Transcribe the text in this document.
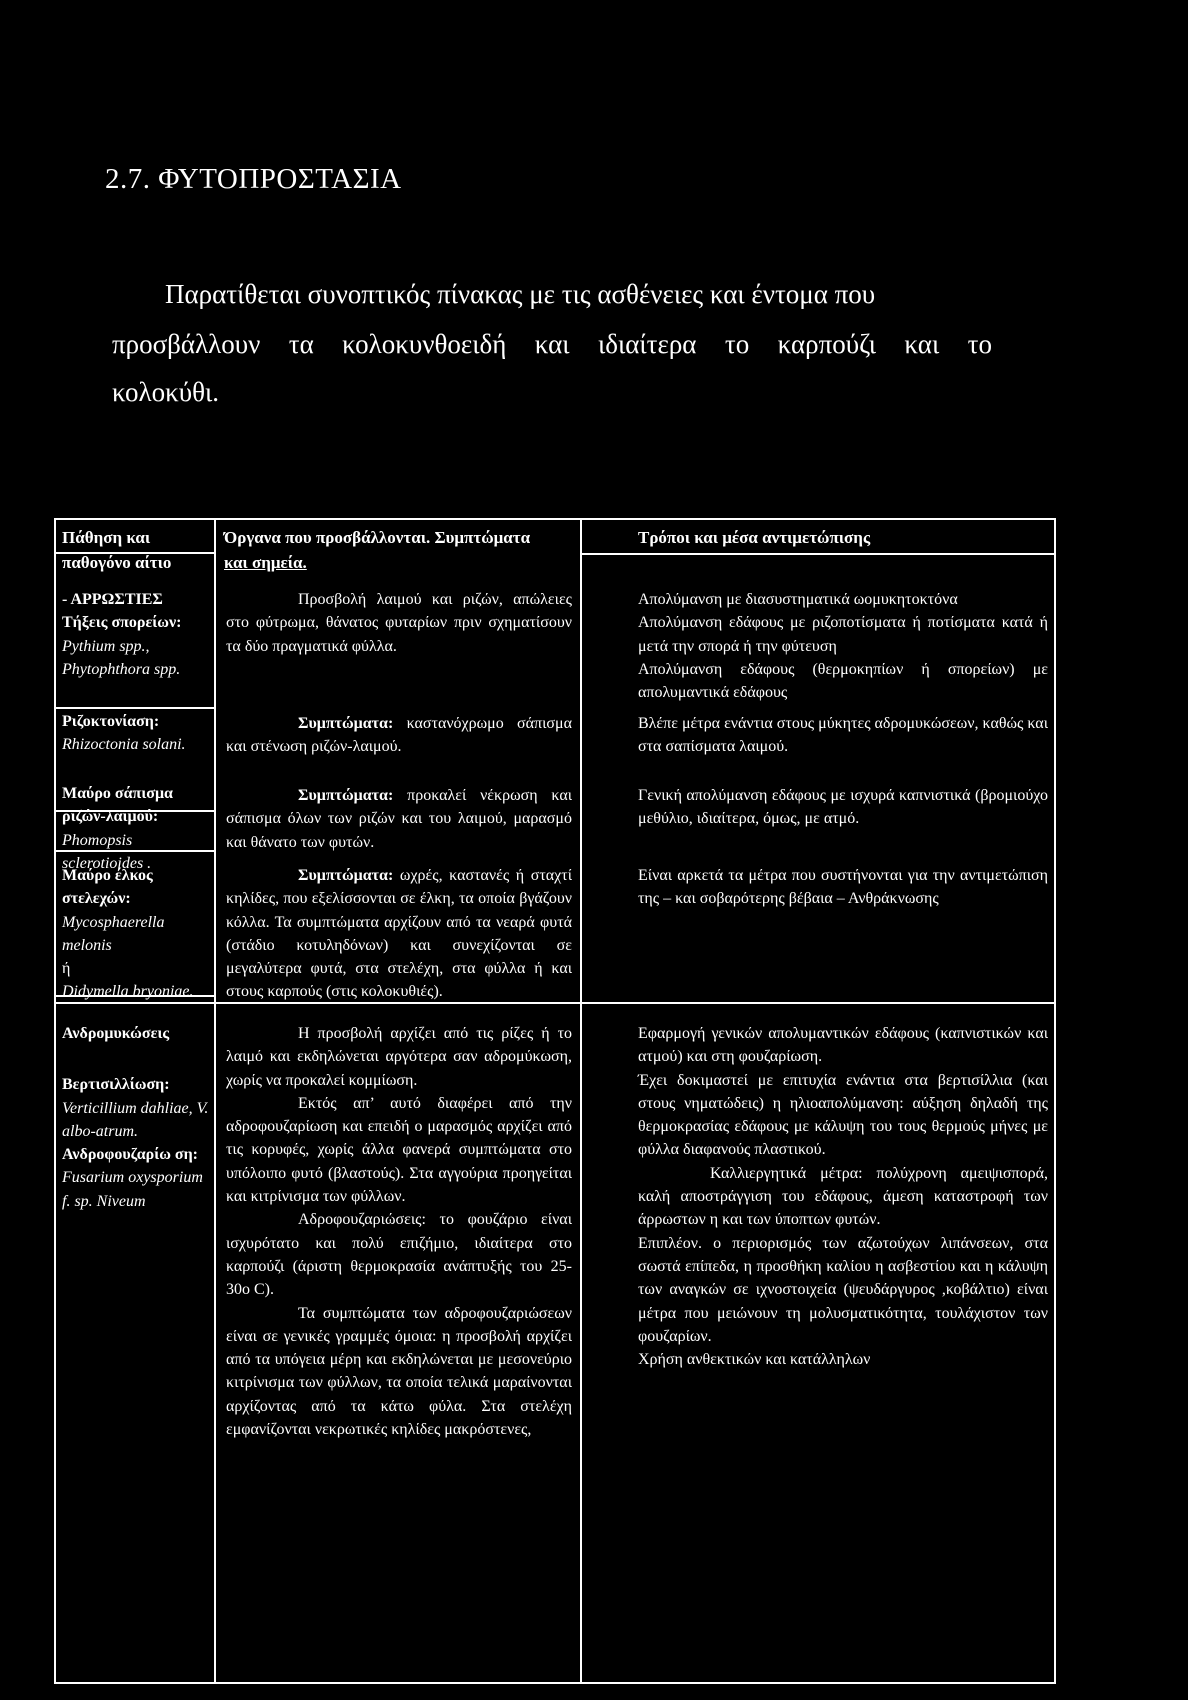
2.7. ΦΥΤΟΠΡΟΣΤΑΣΙΑ

Παρατίθεται συνοπτικός πίνακας με τις ασθένειες και έντομα που

προσβάλλουν τα κολοκυνθοειδή και ιδιαίτερα το καρπούζι και το

κολοκύθι.

Πάθηση και
παθογόνο αίτιο
Όργανα που προσβάλλονται. Συμπτώματα
και σημεία.
Τρόποι και μέσα αντιμετώπισης
- ΑΡΡΩΣΤΙΕΣ
Τήξεις σπορείων:
Pythium spp.,
Phytophthora spp.

Προσβολή λαιμού και ριζών, απώλειες στο φύτρωμα, θάνατος φυταρίων πριν σχηματίσουν τα δύο πραγματικά φύλλα.

Απολύμανση με διασυστηματικά ωομυκητοκτόνα

Απολύμανση εδάφους με ριζοποτίσματα ή ποτίσματα κατά ή μετά την σπορά ή την φύτευση

Απολύμανση εδάφους (θερμοκηπίων ή σπορείων) με απολυμαντικά εδάφους

Ριζοκτονίαση:
Rhizoctonia solani.

Συμπτώματα: καστανόχρωμο σάπισμα και στένωση ριζών-λαιμού.

Βλέπε μέτρα ενάντια στους μύκητες αδρομυκώσεων, καθώς και στα σαπίσματα λαιμού.

Μαύρο σάπισμα ριζών-λαιμού:
Phomopsis sclerotioides .

Συμπτώματα: προκαλεί νέκρωση και σάπισμα όλων των ριζών και του λαιμού, μαρασμό και θάνατο των φυτών.

Γενική απολύμανση εδάφους με ισχυρά καπνιστικά (βρομιούχο μεθύλιο, ιδιαίτερα, όμως, με ατμό.

Μαύρο έλκος στελεχών:
Mycosphaerella melonis
ή
Didymella bryoniae.

Συμπτώματα: ωχρές, καστανές ή σταχτί κηλίδες, που εξελίσσονται σε έλκη, τα οποία βγάζουν κόλλα. Τα συμπτώματα αρχίζουν από τα νεαρά φυτά (στάδιο κοτυληδόνων) και συνεχίζονται σε μεγαλύτερα φυτά, στα στελέχη, στα φύλλα ή και στους καρπούς (στις κολοκυθιές).

Είναι αρκετά τα μέτρα που συστήνονται για την αντιμετώπιση της – και σοβαρότερης βέβαια – Ανθράκνωσης

Ανδρομυκώσεις
Βερτισιλλίωση:
Verticillium dahliae, V. albo-atrum.
Ανδροφουζαρίω ση:
Fusarium oxysporium f. sp. Niveum

Η προσβολή αρχίζει από τις ρίζες ή το λαιμό και εκδηλώνεται αργότερα σαν αδρομύκωση, χωρίς να προκαλεί κομμίωση.

Εκτός απ’ αυτό διαφέρει από την αδροφουζαρίωση και επειδή ο μαρασμός αρχίζει από τις κορυφές, χωρίς άλλα φανερά συμπτώματα στο υπόλοιπο φυτό (βλαστούς). Στα αγγούρια προηγείται και κιτρίνισμα των φύλλων.

Αδροφουζαριώσεις: το φουζάριο είναι ισχυρότατο και πολύ επιζήμιο, ιδιαίτερα στο καρπούζι (άριστη θερμοκρασία ανάπτυξής του 25-30ο C).

Τα συμπτώματα των αδροφουζαριώσεων είναι σε γενικές γραμμές όμοια: η προσβολή αρχίζει από τα υπόγεια μέρη και εκδηλώνεται με μεσονεύριο κιτρίνισμα των φύλλων, τα οποία τελικά μαραίνονται αρχίζοντας από τα κάτω φύλα. Στα στελέχη εμφανίζονται νεκρωτικές κηλίδες μακρόστενες,

Εφαρμογή γενικών απολυμαντικών εδάφους (καπνιστικών και ατμού) και στη φουζαρίωση.

Έχει δοκιμαστεί με επιτυχία ενάντια στα βερτισίλλια (και στους νηματώδεις) η ηλιοαπολύμανση: αύξηση δηλαδή της θερμοκρασίας εδάφους με κάλυψη του τους θερμούς μήνες με φύλλα διαφανούς πλαστικού.

Καλλιεργητικά μέτρα: πολύχρονη αμειψισπορά, καλή αποστράγγιση του εδάφους, άμεση καταστροφή των άρρωστων η και των ύποπτων φυτών.

Επιπλέον. ο περιορισμός των αζωτούχων λιπάνσεων, στα σωστά επίπεδα, η προσθήκη καλίου η ασβεστίου και η κάλυψη των αναγκών σε ιχνοστοιχεία (ψευδάργυρος ,κοβάλτιο) είναι μέτρα που μειώνουν τη μολυσματικότητα, τουλάχιστον των φουζαρίων.

Χρήση ανθεκτικών και κατάλληλων
